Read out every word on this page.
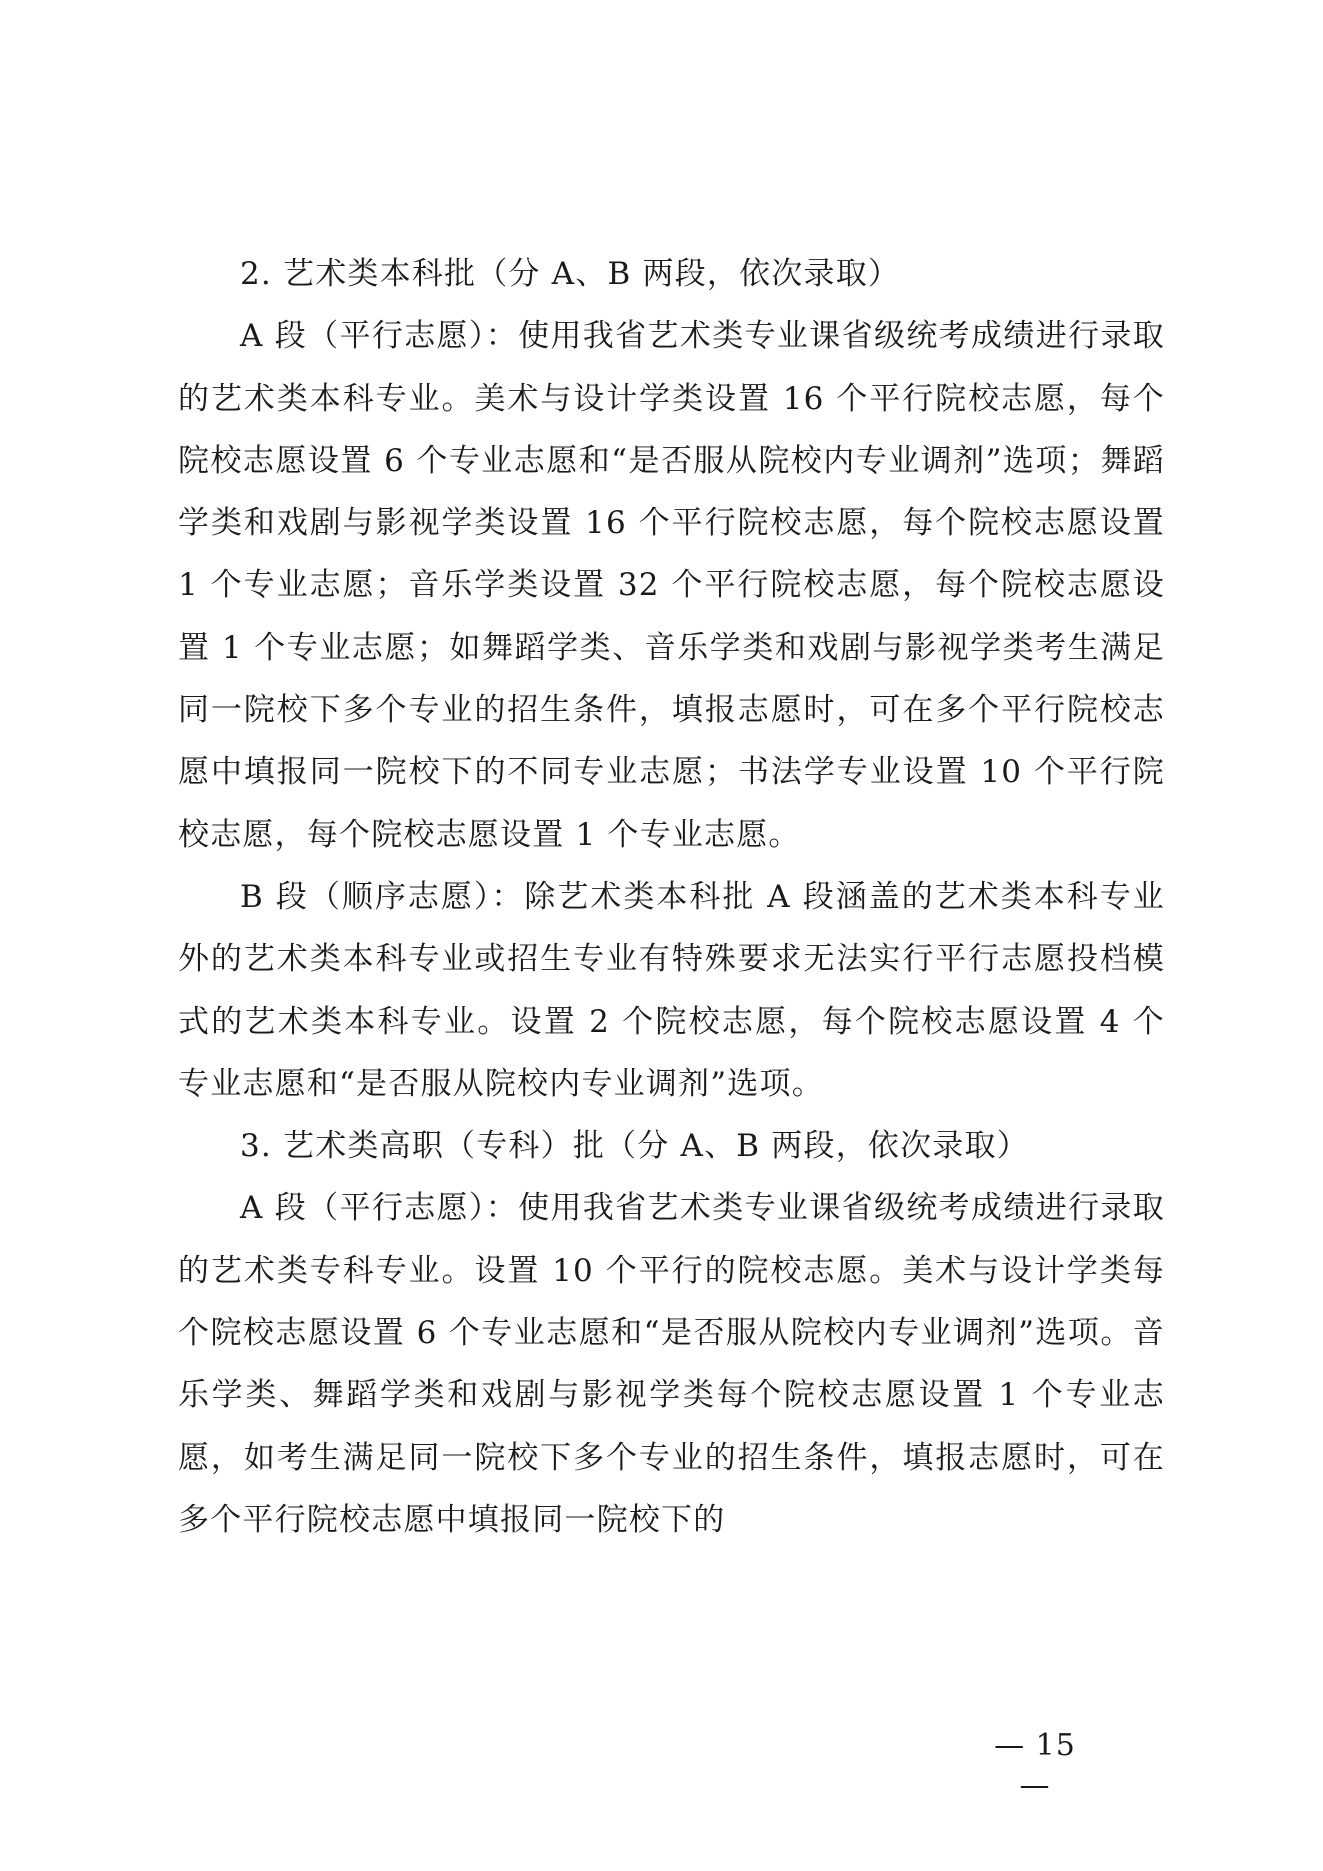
2. 艺术类本科批（分 A、B 两段，依次录取）

A 段（平行志愿）：使用我省艺术类专业课省级统考成绩进行录取的艺术类本科专业。美术与设计学类设置 16 个平行院校志愿，每个院校志愿设置 6 个专业志愿和“是否服从院校内专业调剂”选项；舞蹈学类和戏剧与影视学类设置 16 个平行院校志愿，每个院校志愿设置 1 个专业志愿；音乐学类设置 32 个平行院校志愿，每个院校志愿设置 1 个专业志愿；如舞蹈学类、音乐学类和戏剧与影视学类考生满足同一院校下多个专业的招生条件，填报志愿时，可在多个平行院校志愿中填报同一院校下的不同专业志愿；书法学专业设置 10 个平行院校志愿，每个院校志愿设置 1 个专业志愿。

B 段（顺序志愿）：除艺术类本科批 A 段涵盖的艺术类本科专业外的艺术类本科专业或招生专业有特殊要求无法实行平行志愿投档模式的艺术类本科专业。设置 2 个院校志愿，每个院校志愿设置 4 个专业志愿和“是否服从院校内专业调剂”选项。

3. 艺术类高职（专科）批（分 A、B 两段，依次录取）

A 段（平行志愿）：使用我省艺术类专业课省级统考成绩进行录取的艺术类专科专业。设置 10 个平行的院校志愿。美术与设计学类每个院校志愿设置 6 个专业志愿和“是否服从院校内专业调剂”选项。音乐学类、舞蹈学类和戏剧与影视学类每个院校志愿设置 1 个专业志愿，如考生满足同一院校下多个专业的招生条件，填报志愿时，可在多个平行院校志愿中填报同一院校下的

— 15 —
